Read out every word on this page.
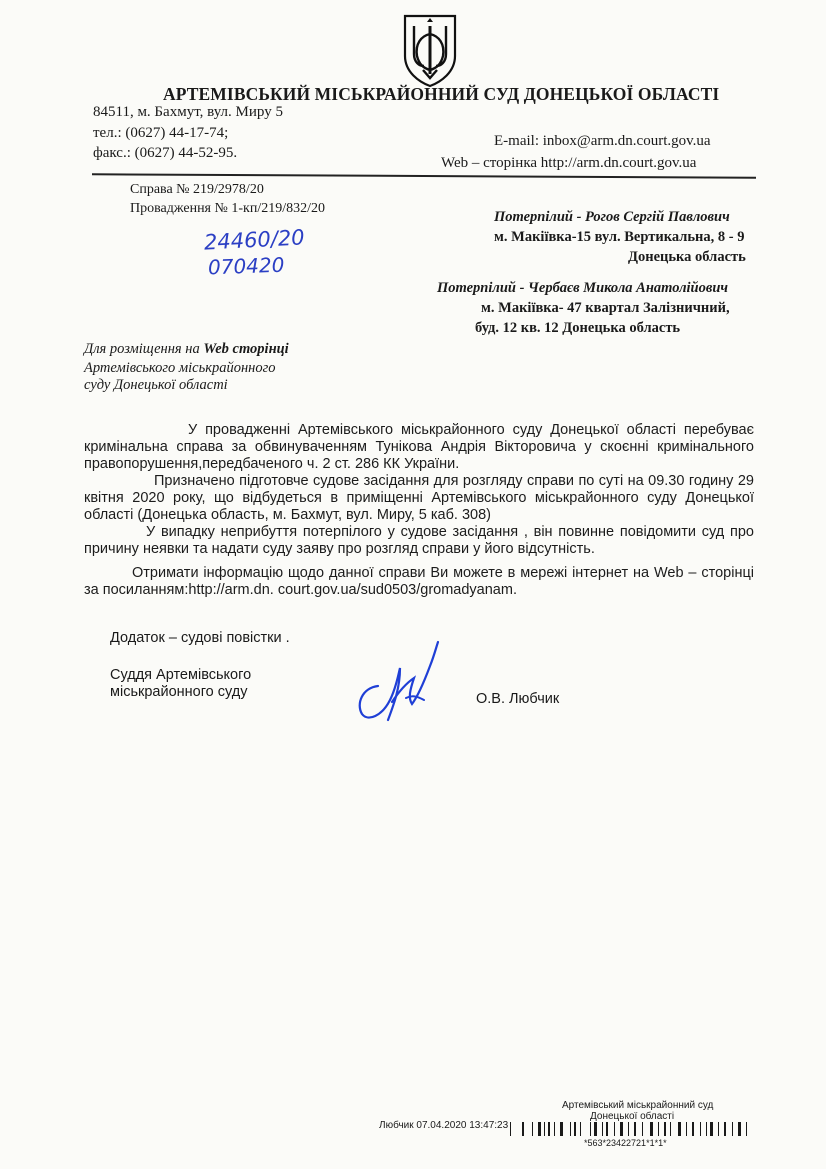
АРТЕМІВСЬКИЙ МІСЬКРАЙОННИЙ СУД ДОНЕЦЬКОЇ ОБЛАСТІ
84511, м. Бахмут, вул. Миру 5
тел.: (0627) 44-17-74;
факс.: (0627) 44-52-95.
E-mail: inbox@arm.dn.court.gov.ua
Web – сторінка http://arm.dn.court.gov.ua
Справа № 219/2978/20
Провадження № 1-кп/219/832/20
24460/20
070420
Потерпілий - Рогов Сергій Павлович
м. Макіївка-15 вул. Вертикальна, 8 - 9
Донецька область
Потерпілий - Чербаєв Микола Анатолійович
м. Макіївка- 47 квартал Залізничний,
буд. 12 кв. 12 Донецька область
Для розміщення на Web сторінці
Артемівського міськрайонного
суду Донецької області
У провадженні Артемівського міськрайонного суду Донецької області перебуває кримінальна справа за обвинуваченням Тунікова Андрія Вікторовича у скоєнні кримінального правопорушення,передбаченого ч. 2 ст. 286 КК України.
Призначено підготовче судове засідання для розгляду справи по суті на 09.30 годину 29 квітня 2020 року, що відбудеться в приміщенні Артемівського міськрайонного суду Донецької області (Донецька область, м. Бахмут, вул. Миру, 5 каб. 308)
У випадку неприбуття потерпілого у судове засідання , він повинне повідомити суд про причину неявки та надати суду заяву про розгляд справи у його відсутність.
Отримати інформацію щодо данної справи Ви можете в мережі інтернет на Web – сторінці за посиланням:http://arm.dn. court.gov.ua/sud0503/gromadyanam.
Додаток – судові повістки .
Суддя Артемівського
міськрайонного суду	О.В. Любчик
Артемівський міськрайонний суд
Донецької області
Любчик 07.04.2020 13:47:23
*563*23422721*1*1*
